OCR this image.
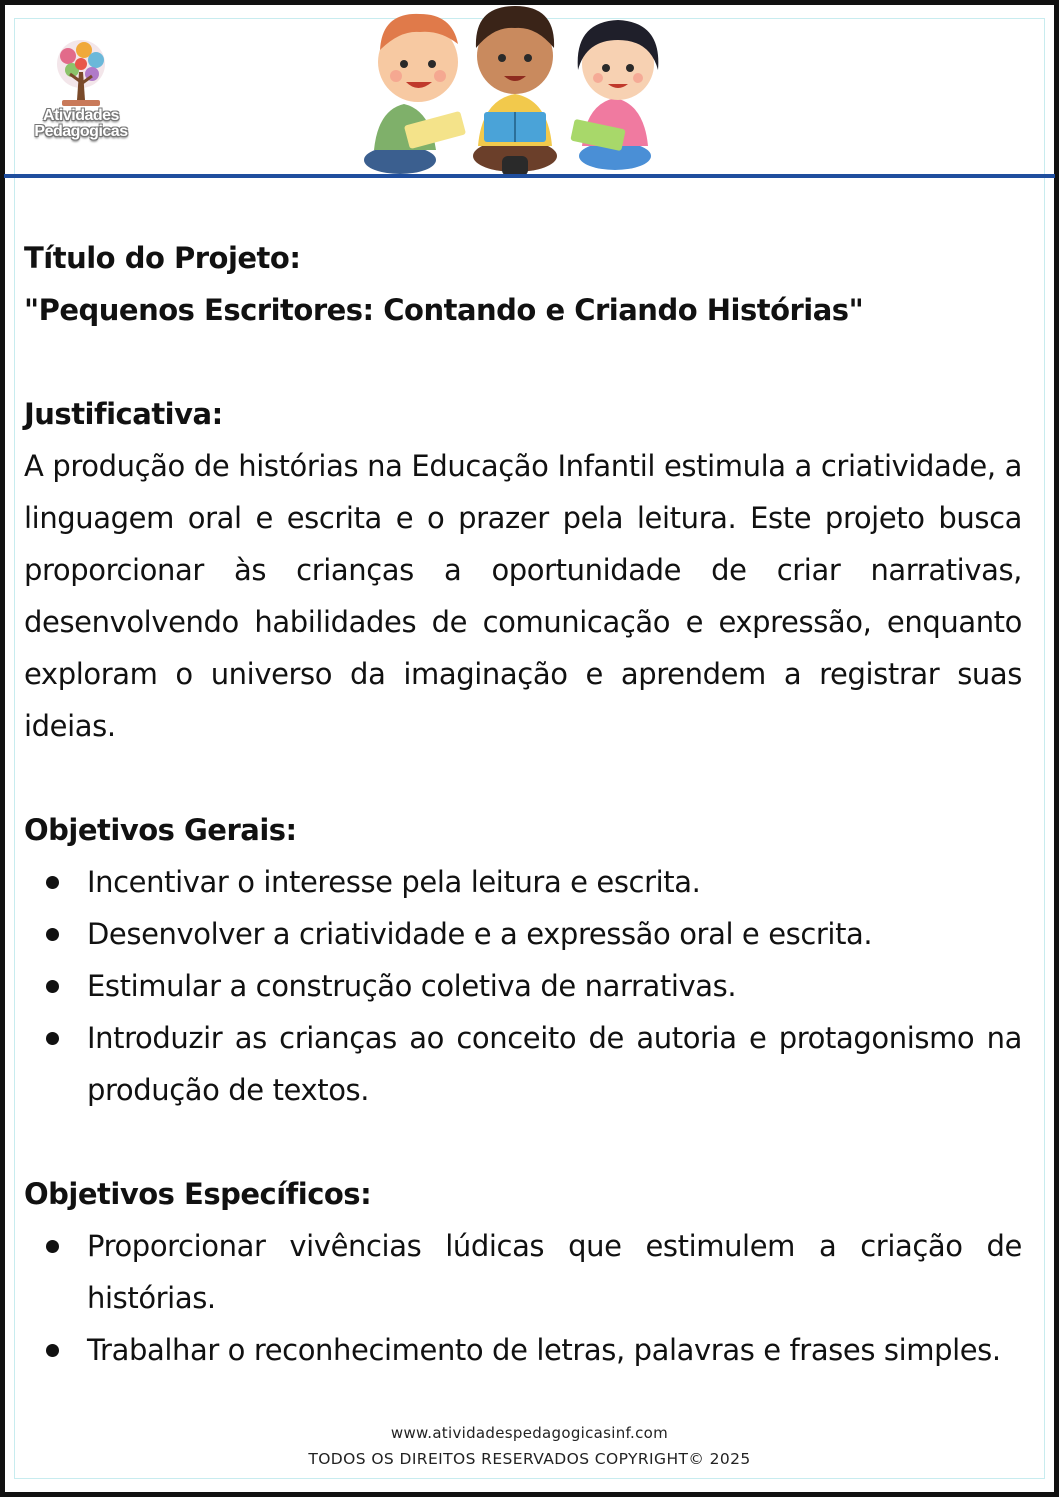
Atividades
Pedagogicas

Título do Projeto:

"Pequenos Escritores: Contando e Criando Histórias"

Justificativa:

A produção de histórias na Educação Infantil estimula a criatividade, a linguagem oral e escrita e o prazer pela leitura. Este projeto busca proporcionar às crianças a oportunidade de criar narrativas, desenvolvendo habilidades de comunicação e expressão, enquanto exploram o universo da imaginação e aprendem a registrar suas ideias.

Objetivos Gerais:

Incentivar o interesse pela leitura e escrita.
Desenvolver a criatividade e a expressão oral e escrita.
Estimular a construção coletiva de narrativas.
Introduzir as crianças ao conceito de autoria e protagonismo na produção de textos.

Objetivos Específicos:

Proporcionar vivências lúdicas que estimulem a criação de histórias.
Trabalhar o reconhecimento de letras, palavras e frases simples.
www.atividadespedagogicasinf.com
TODOS OS DIREITOS RESERVADOS COPYRIGHT© 2025
